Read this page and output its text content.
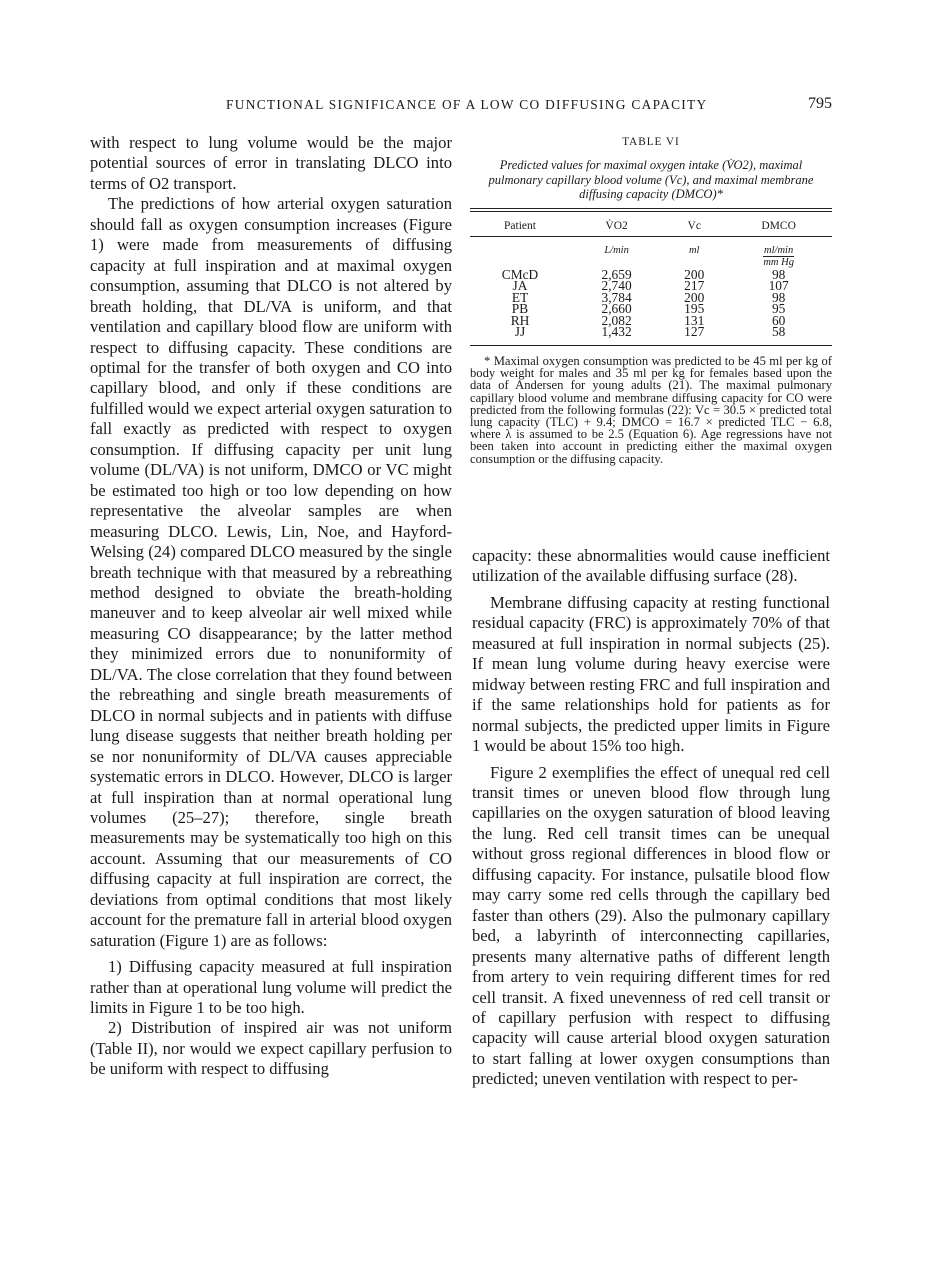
FUNCTIONAL SIGNIFICANCE OF A LOW CO DIFFUSING CAPACITY	795

with respect to lung volume would be the major potential sources of error in translating DLCO into terms of O2 transport.

The predictions of how arterial oxygen saturation should fall as oxygen consumption increases (Figure 1) were made from measurements of diffusing capacity at full inspiration and at maximal oxygen consumption, assuming that DLCO is not altered by breath holding, that DL/VA is uniform, and that ventilation and capillary blood flow are uniform with respect to diffusing capacity. These conditions are optimal for the transfer of both oxygen and CO into capillary blood, and only if these conditions are fulfilled would we expect arterial oxygen saturation to fall exactly as predicted with respect to oxygen consumption. If diffusing capacity per unit lung volume (DL/VA) is not uniform, DMCO or VC might be estimated too high or too low depending on how representative the alveolar samples are when measuring DLCO. Lewis, Lin, Noe, and Hayford-Welsing (24) compared DLCO measured by the single breath technique with that measured by a rebreathing method designed to obviate the breath-holding maneuver and to keep alveolar air well mixed while measuring CO disappearance; by the latter method they minimized errors due to nonuniformity of DL/VA. The close correlation that they found between the rebreathing and single breath measurements of DLCO in normal subjects and in patients with diffuse lung disease suggests that neither breath holding per se nor nonuniformity of DL/VA causes appreciable systematic errors in DLCO. However, DLCO is larger at full inspiration than at normal operational lung volumes (25–27); therefore, single breath measurements may be systematically too high on this account. Assuming that our measurements of CO diffusing capacity at full inspiration are correct, the deviations from optimal conditions that most likely account for the premature fall in arterial blood oxygen saturation (Figure 1) are as follows:

1) Diffusing capacity measured at full inspiration rather than at operational lung volume will predict the limits in Figure 1 to be too high.

2) Distribution of inspired air was not uniform (Table II), nor would we expect capillary perfusion to be uniform with respect to diffusing

TABLE VI
Predicted values for maximal oxygen intake (V̇O2), maximal pulmonary capillary blood volume (Vc), and maximal membrane diffusing capacity (DMCO)*
Patient	V̇O2	Vc	DMCO

	L/min	ml	ml/min
			mm Hg
CMcD	2,659	200	98
JA	2,740	217	107
ET	3,784	200	98
PB	2,660	195	95
RH	2,082	131	60
JJ	1,432	127	58
* Maximal oxygen consumption was predicted to be 45 ml per kg of body weight for males and 35 ml per kg for females based upon the data of Andersen for young adults (21). The maximal pulmonary capillary blood volume and membrane diffusing capacity for CO were predicted from the following formulas (22): Vc = 30.5 × predicted total lung capacity (TLC) + 9.4; DMCO = 16.7 × predicted TLC − 6.8, where λ is assumed to be 2.5 (Equation 6). Age regressions have not been taken into account in predicting either the maximal oxygen consumption or the diffusing capacity.

capacity: these abnormalities would cause inefficient utilization of the available diffusing surface (28).

Membrane diffusing capacity at resting functional residual capacity (FRC) is approximately 70% of that measured at full inspiration in normal subjects (25). If mean lung volume during heavy exercise were midway between resting FRC and full inspiration and if the same relationships hold for patients as for normal subjects, the predicted upper limits in Figure 1 would be about 15% too high.

Figure 2 exemplifies the effect of unequal red cell transit times or uneven blood flow through lung capillaries on the oxygen saturation of blood leaving the lung. Red cell transit times can be unequal without gross regional differences in blood flow or diffusing capacity. For instance, pulsatile blood flow may carry some red cells through the capillary bed faster than others (29). Also the pulmonary capillary bed, a labyrinth of interconnecting capillaries, presents many alternative paths of different length from artery to vein requiring different times for red cell transit. A fixed unevenness of red cell transit or of capillary perfusion with respect to diffusing capacity will cause arterial blood oxygen saturation to start falling at lower oxygen consumptions than predicted; uneven ventilation with respect to per-
